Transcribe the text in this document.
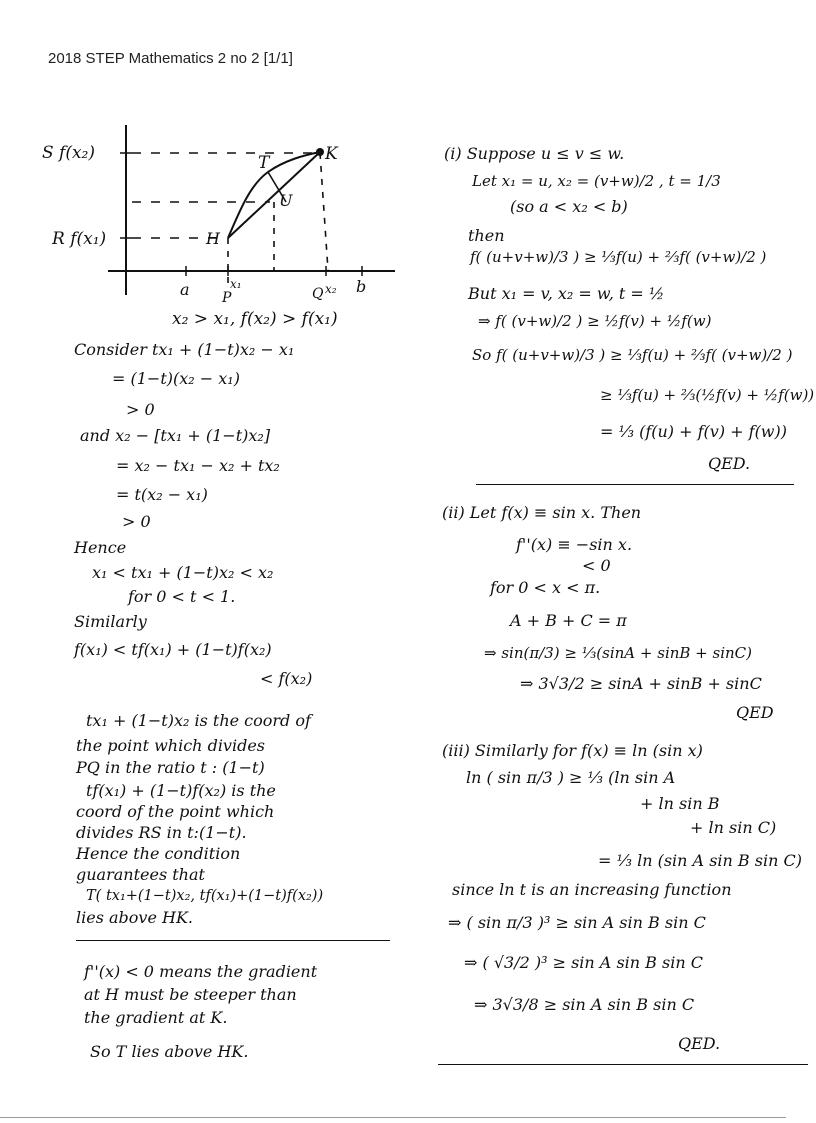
2018 STEP Mathematics 2 no 2 [1/1]
S f(x₂)
R f(x₁)
T	K
U
H
a	b
x₁
P	Q x₂
x₂ > x₁, f(x₂) > f(x₁)
Consider tx₁ + (1−t)x₂ − x₁
= (1−t)(x₂ − x₁)
> 0
and x₂ − [tx₁ + (1−t)x₂]
= x₂ − tx₁ − x₂ + tx₂
= t(x₂ − x₁)
> 0
Hence
x₁ < tx₁ + (1−t)x₂ < x₂
for 0 < t < 1.
Similarly
f(x₁) < tf(x₁) + (1−t)f(x₂)
< f(x₂)
tx₁ + (1−t)x₂ is the coord of
the point which divides
PQ in the ratio t : (1−t)
tf(x₁) + (1−t)f(x₂) is the
coord of the point which
divides RS in t:(1−t).
Hence the condition
guarantees that
T( tx₁+(1−t)x₂, tf(x₁)+(1−t)f(x₂))
lies above HK.
f''(x) < 0 means the gradient
at H must be steeper than
the gradient at K.
So T lies above HK.
(i) Suppose u ≤ v ≤ w.
Let x₁ = u, x₂ = (v+w)/2 , t = 1/3
(so a < x₂ < b)
then
f( (u+v+w)/3 ) ≥ ⅓f(u) + ⅔f( (v+w)/2 )
But x₁ = v, x₂ = w, t = ½
⇒ f( (v+w)/2 ) ≥ ½f(v) + ½f(w)
So f( (u+v+w)/3 ) ≥ ⅓f(u) + ⅔f( (v+w)/2 )
≥ ⅓f(u) + ⅔(½f(v) + ½f(w))
= ⅓ (f(u) + f(v) + f(w))
QED.
(ii) Let f(x) ≡ sin x. Then
f''(x) ≡ −sin x.
< 0
for 0 < x < π.
A + B + C = π
⇒ sin(π/3) ≥ ⅓(sinA + sinB + sinC)
⇒ 3√3/2 ≥ sinA + sinB + sinC
QED
(iii) Similarly for f(x) ≡ ln (sin x)
ln ( sin π/3 ) ≥ ⅓ (ln sin A
+ ln sin B
+ ln sin C)
= ⅓ ln (sin A sin B sin C)
since ln t is an increasing function
⇒ ( sin π/3 )³ ≥ sin A sin B sin C
⇒ ( √3/2 )³ ≥ sin A sin B sin C
⇒ 3√3/8 ≥ sin A sin B sin C
QED.
